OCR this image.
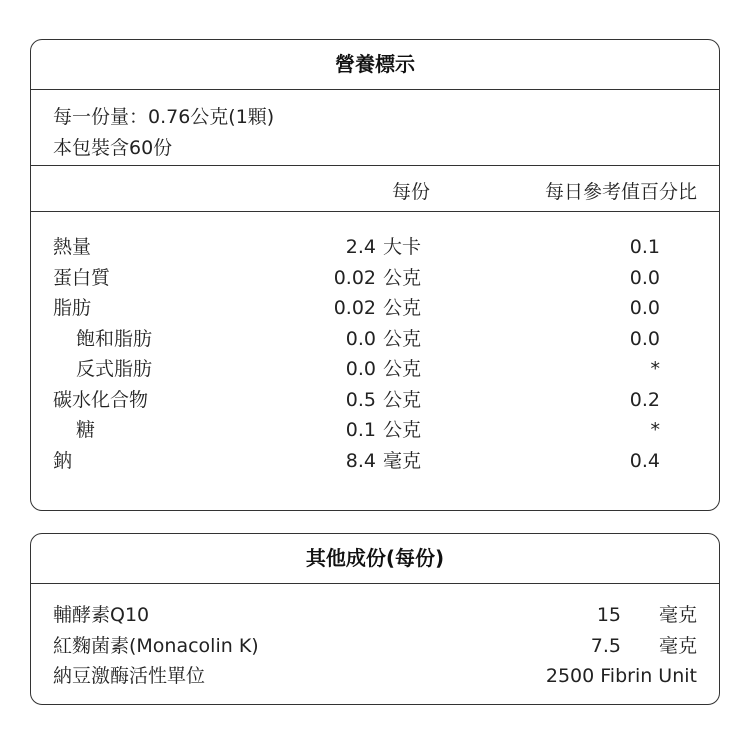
營養標示
每一份量：0.76公克(1顆)
本包裝含60份
每份	每日參考值百分比
熱量	2.4 大卡	0.1
蛋白質	0.02 公克	0.0
脂肪	0.02 公克	0.0
飽和脂肪	0.0 公克	0.0
反式脂肪	0.0 公克	*
碳水化合物	0.5 公克	0.2
糖	0.1 公克	*
鈉	8.4 毫克	0.4
其他成份(每份)
輔酵素Q10	15 毫克
紅麴菌素(Monacolin K)	7.5 毫克
納豆激酶活性單位	2500 Fibrin Unit
